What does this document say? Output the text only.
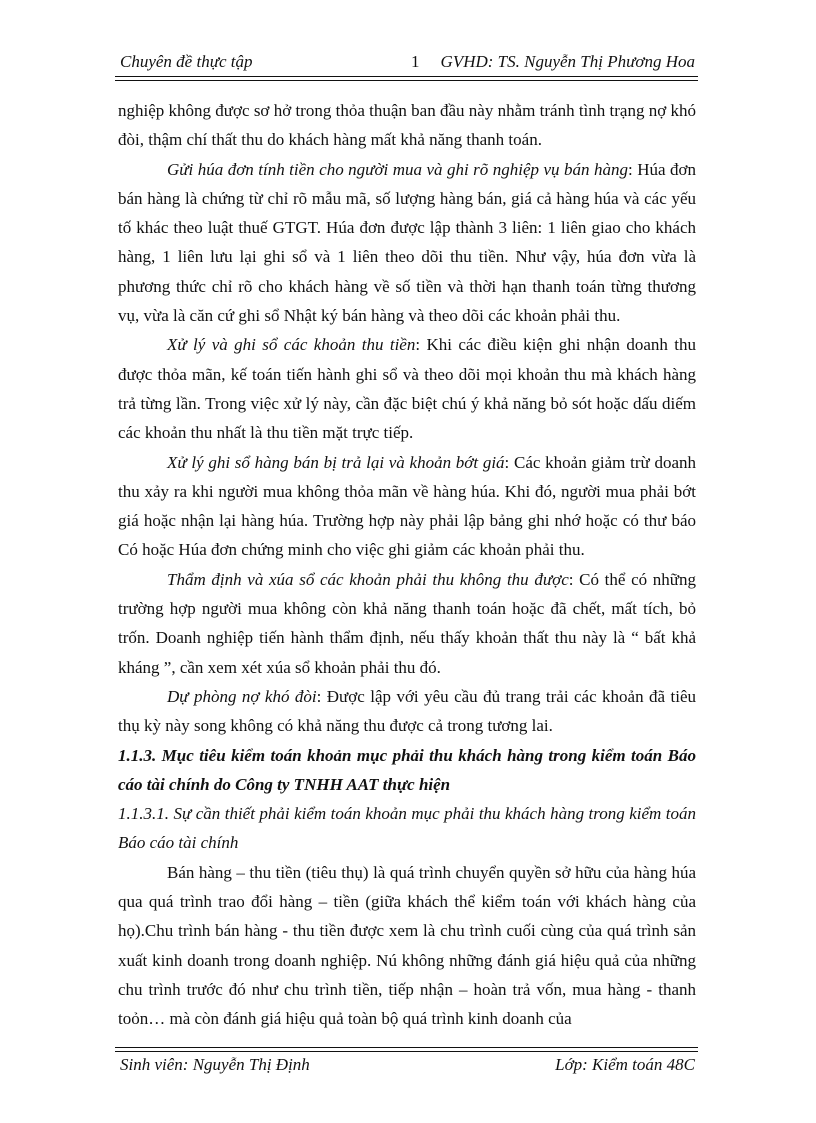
Chuyên đề thực tập	1 GVHD: TS. Nguyễn Thị Phương Hoa

nghiệp không được sơ hở trong thỏa thuận ban đầu này nhằm tránh tình trạng nợ khó đòi, thậm chí thất thu do khách hàng mất khả năng thanh toán.

Gửi húa đơn tính tiền cho người mua và ghi rõ nghiệp vụ bán hàng: Húa đơn bán hàng là chứng từ chỉ rõ mẫu mã, số lượng hàng bán, giá cả hàng húa và các yếu tố khác theo luật thuế GTGT. Húa đơn được lập thành 3 liên: 1 liên giao cho khách hàng, 1 liên lưu lại ghi sổ và 1 liên theo dõi thu tiền. Như vậy, húa đơn vừa là phương thức chỉ rõ cho khách hàng về số tiền và thời hạn thanh toán từng thương vụ, vừa là căn cứ ghi sổ Nhật ký bán hàng và theo dõi các khoản phải thu.

Xử lý và ghi sổ các khoản thu tiền: Khi các điều kiện ghi nhận doanh thu được thỏa mãn, kế toán tiến hành ghi sổ và theo dõi mọi khoản thu mà khách hàng trả từng lần. Trong việc xử lý này, cần đặc biệt chú ý khả năng bỏ sót hoặc dấu diếm các khoản thu nhất là thu tiền mặt trực tiếp.

Xử lý ghi sổ hàng bán bị trả lại và khoản bớt giá: Các khoản giảm trừ doanh thu xảy ra khi người mua không thỏa mãn về hàng húa. Khi đó, người mua phải bớt giá hoặc nhận lại hàng húa. Trường hợp này phải lập bảng ghi nhớ hoặc có thư báo Có hoặc Húa đơn chứng minh cho việc ghi giảm các khoản phải thu.

Thẩm định và xúa sổ các khoản phải thu không thu được: Có thể có những trường hợp người mua không còn khả năng thanh toán hoặc đã chết, mất tích, bỏ trốn. Doanh nghiệp tiến hành thẩm định, nếu thấy khoản thất thu này là “ bất khả kháng ”, cần xem xét xúa sổ khoản phải thu đó.

Dự phòng nợ khó đòi: Được lập với yêu cầu đủ trang trải các khoản đã tiêu thụ kỳ này song không có khả năng thu được cả trong tương lai.

1.1.3. Mục tiêu kiểm toán khoản mục phải thu khách hàng trong kiểm toán Báo cáo tài chính do Công ty TNHH AAT thực hiện

1.1.3.1. Sự cần thiết phải kiểm toán khoản mục phải thu khách hàng trong kiểm toán Báo cáo tài chính

Bán hàng – thu tiền (tiêu thụ) là quá trình chuyển quyền sở hữu của hàng húa qua quá trình trao đổi hàng – tiền (giữa khách thể kiểm toán với khách hàng của họ).Chu trình bán hàng - thu tiền được xem là chu trình cuối cùng của quá trình sản xuất kinh doanh trong doanh nghiệp. Nú không những đánh giá hiệu quả của những chu trình trước đó như chu trình tiền, tiếp nhận – hoàn trả vốn, mua hàng - thanh toỏn… mà còn đánh giá hiệu quả toàn bộ quá trình kinh doanh của

Sinh viên: Nguyễn Thị Định	Lớp: Kiểm toán 48C
